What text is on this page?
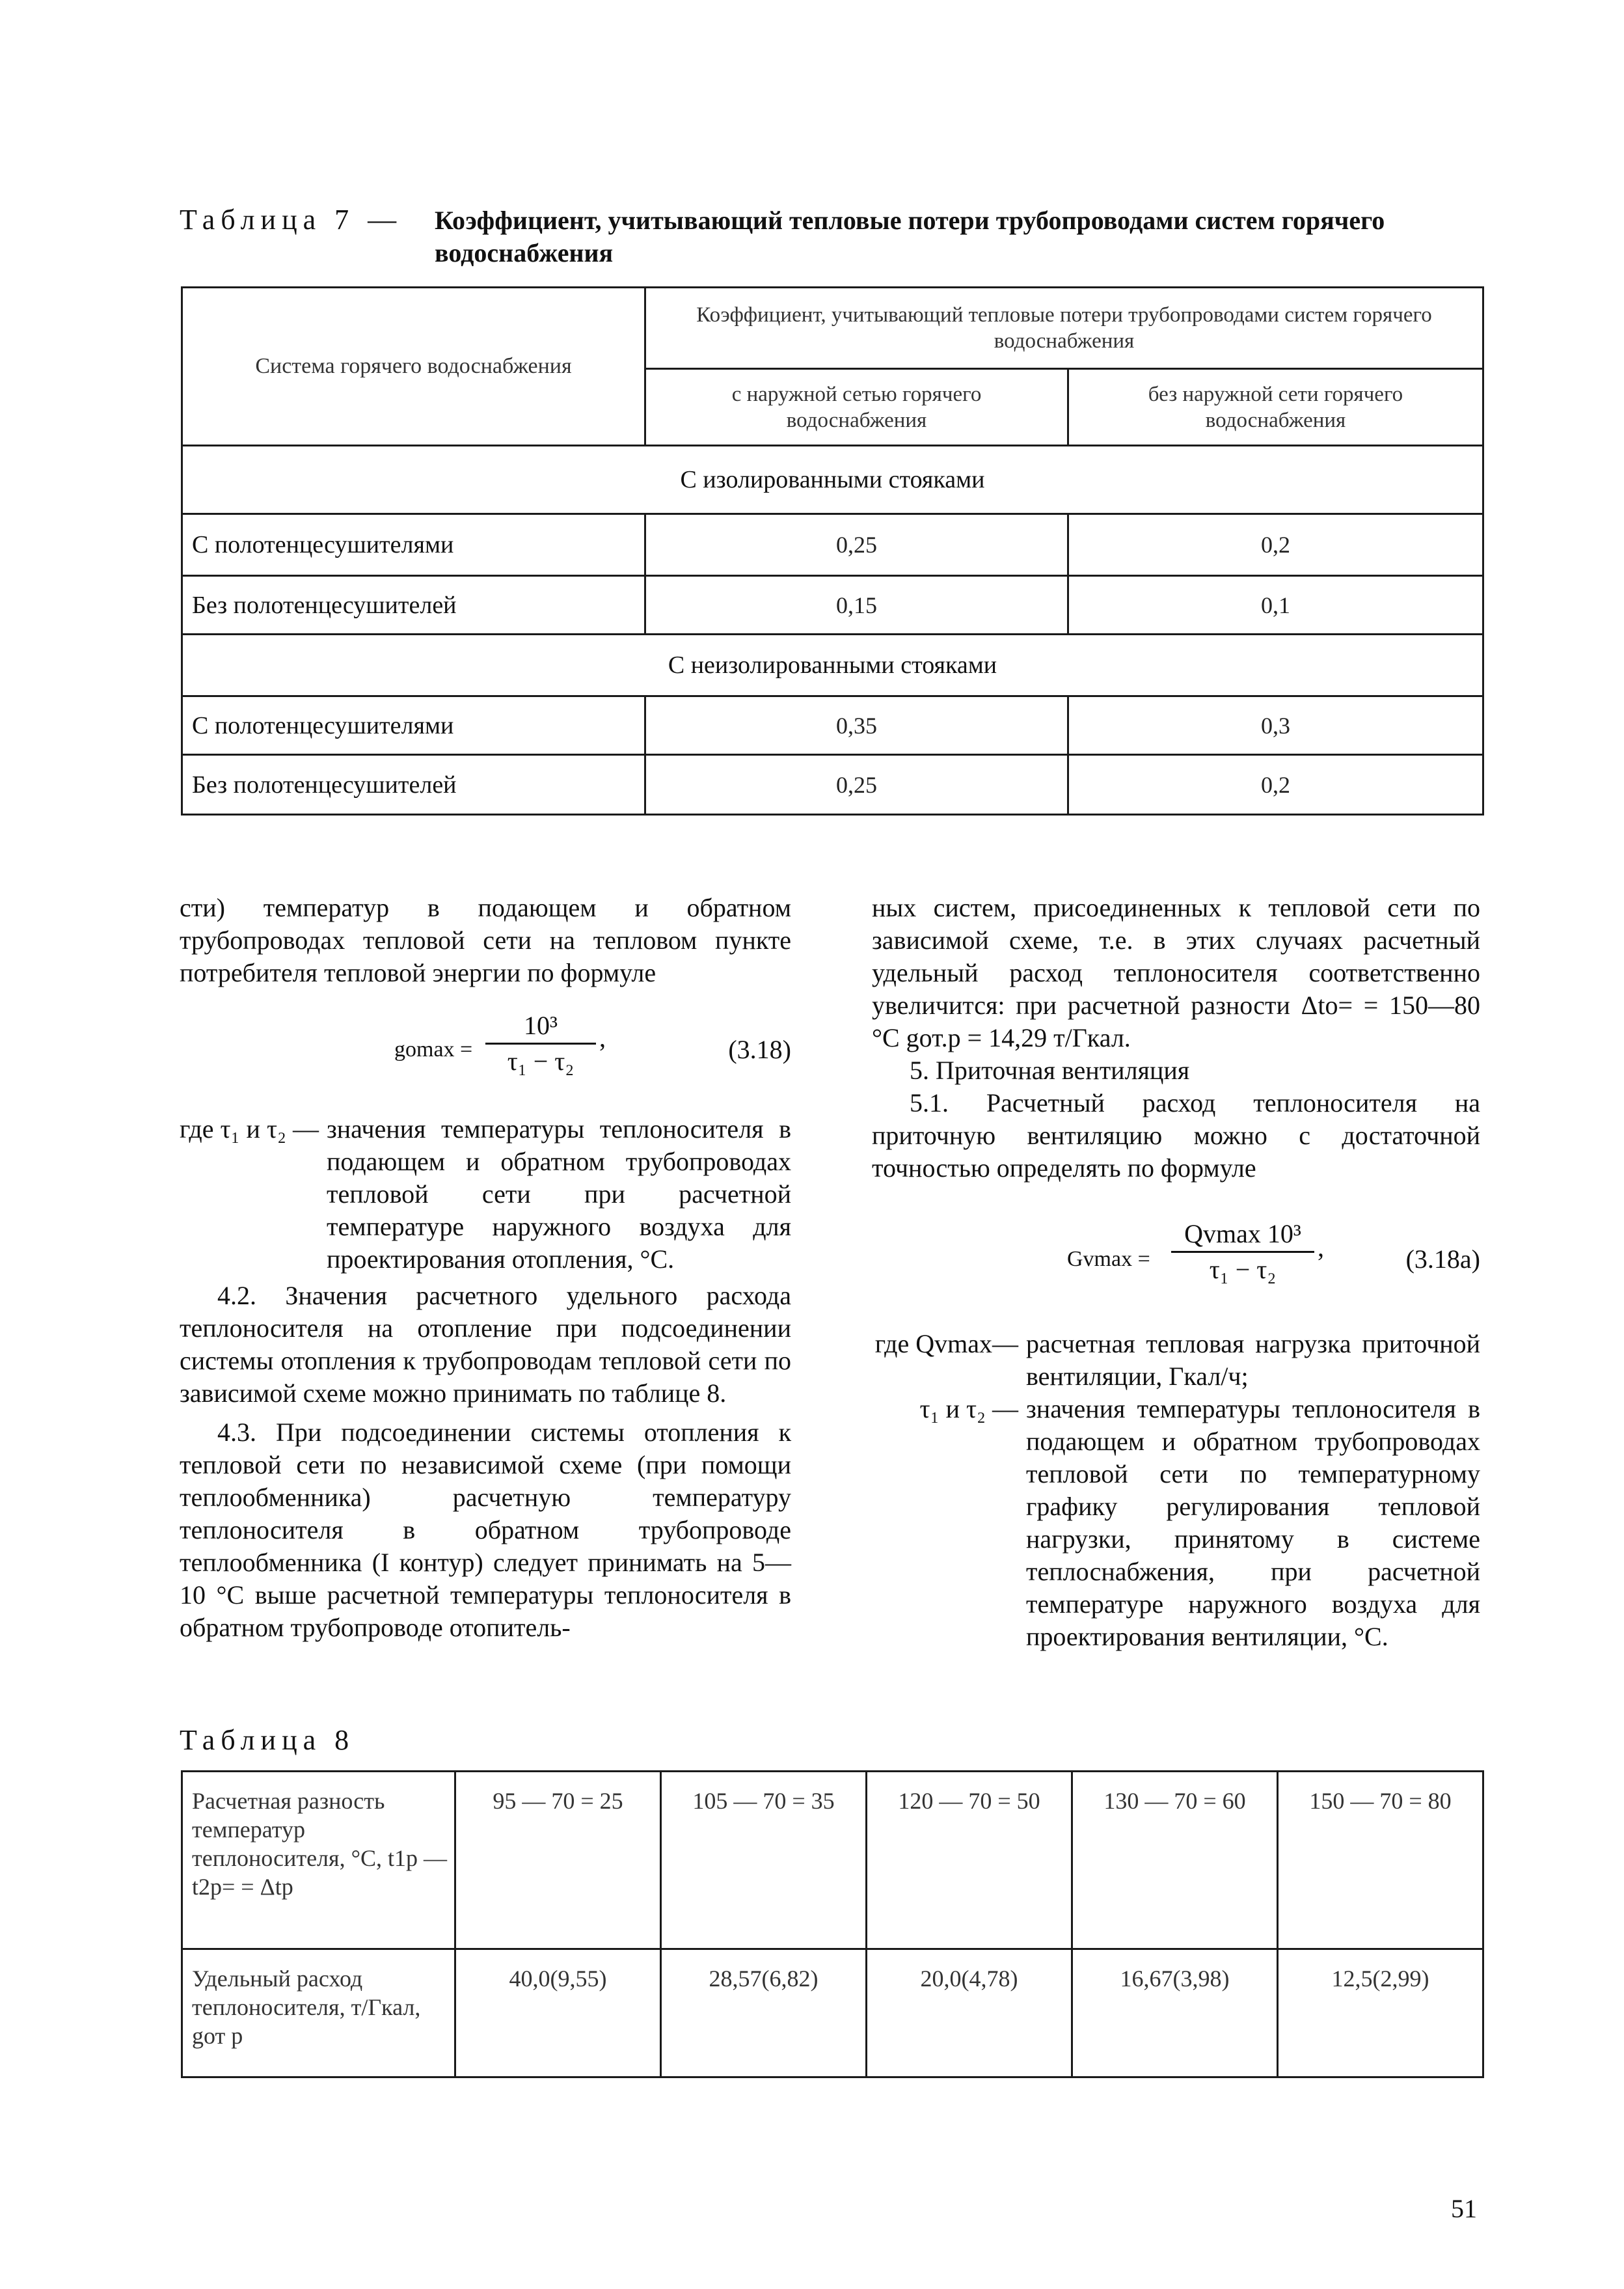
Таблица 7 — Коэффициент, учитывающий тепловые потери трубопроводами систем горячего водоснабжения
Система горячего водоснабжения	Коэффициент, учитывающий тепловые потери трубопроводами систем горячего водоснабжения	
	с наружной сетью горячего водоснабжения	без наружной сети горячего водоснабжения
С изолированными стояками		
С полотенцесушителями	0,25	0,2
Без полотенцесушителей	0,15	0,1
С неизолированными стояками		
С полотенцесушителями	0,35	0,3
Без полотенцесушителей	0,25	0,2

сти) температур в подающем и обратном трубопроводах тепловой сети на тепловом пункте потребителя тепловой энергии по формуле

$gomax = \frac{\text{10³}}{\text{τ₁ − τ₂}}$ ,	(3.18)
где τ₁ и τ₂ — значения температуры теплоносителя в подающем и обратном трубопроводах тепловой сети при расчетной температуре наружного воздуха для проектирования отопления, °С.

4.2. Значения расчетного удельного расхода теплоносителя на отопление при подсоединении системы отопления к трубопроводам тепловой сети по зависимой схеме можно принимать по таблице 8.

4.3. При подсоединении системы отопления к тепловой сети по независимой схеме (при помощи теплообменника) расчетную температуру теплоносителя в обратном трубопроводе теплообменника (I контур) следует принимать на 5—10 °С выше расчетной температуры теплоносителя в обратном трубопроводе отопитель-

ных систем, присоединенных к тепловой сети по зависимой схеме, т.е. в этих случаях расчетный удельный расход теплоносителя соответственно увеличится: при расчетной разности Δtо= = 150—80 °С gот.р = 14,29 т/Гкал.

5. Приточная вентиляция

5.1. Расчетный расход теплоносителя на приточную вентиляцию можно с достаточной точностью определять по формуле

Gvmax =
Qvmax 10³
τ₁ − τ₂
,	(3.18а)
где Qvmax— расчетная тепловая нагрузка приточной вентиляции, Гкал/ч;
τ₁ и τ₂ — значения температуры теплоносителя в подающем и обратном трубопроводах тепловой сети по температурному графику регулирования тепловой нагрузки, принятому в системе теплоснабжения, при расчетной температуре наружного воздуха для проектирования вентиляции, °С.
Таблица 8
Расчетная разность температур теплоносителя, °С, t1р — t2р= = Δtр	95 — 70 = 25	105 — 70 = 35	120 — 70 = 50	130 — 70 = 60	150 — 70 = 80
Удельный расход теплоносителя, т/Гкал, gот р	40,0(9,55)	28,57(6,82)	20,0(4,78)	16,67(3,98)	12,5(2,99)
51
